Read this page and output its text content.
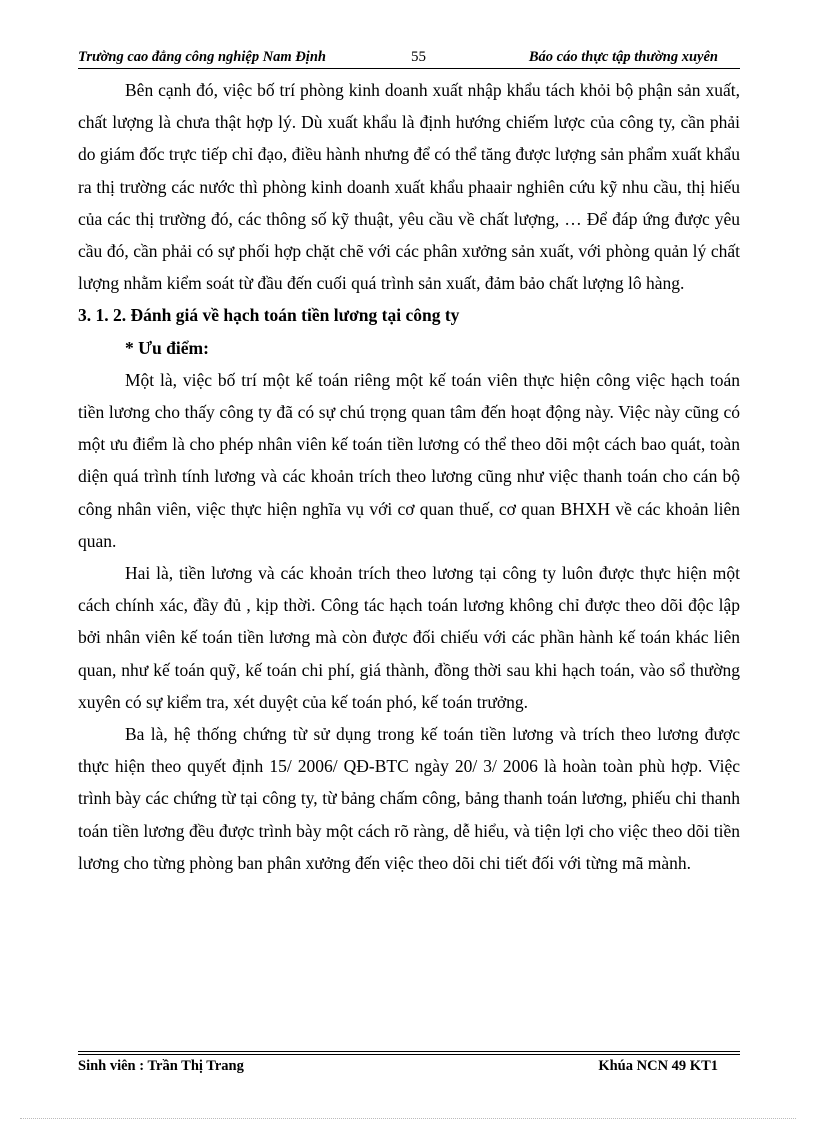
Trường cao đẳng công nghiệp Nam Định	55	Báo cáo thực tập thường xuyên

Bên cạnh đó, việc bố trí phòng kinh doanh xuất nhập khẩu tách khỏi bộ phận sản xuất, chất lượng là chưa thật hợp lý. Dù xuất khẩu là định hướng chiếm lược của công ty, cần phải do giám đốc trực tiếp chỉ đạo, điều hành nhưng để có thể tăng được lượng sản phẩm xuất khẩu ra thị trường các nước thì phòng kinh doanh xuất khẩu phaair nghiên cứu kỹ nhu cầu, thị hiếu của các thị trường đó, các thông số kỹ thuật, yêu cầu về chất lượng, … Để đáp ứng được yêu cầu đó, cần phải có sự phối hợp chặt chẽ với các phân xưởng sản xuất, với phòng quản lý chất lượng nhằm kiểm soát từ đầu đến cuối quá trình sản xuất, đảm bảo chất lượng lô hàng.

3. 1. 2. Đánh giá về hạch toán tiền lương tại công ty
* Ưu điểm:

Một là, việc bố trí một kế toán riêng một kế toán viên thực hiện công việc hạch toán tiền lương cho thấy công ty đã có sự chú trọng quan tâm đến hoạt động này. Việc này cũng có một ưu điểm là cho phép nhân viên kế toán tiền lương có thể theo dõi một cách bao quát, toàn diện quá trình tính lương và các khoản trích theo lương cũng như việc thanh toán cho cán bộ công nhân viên, việc thực hiện nghĩa vụ với cơ quan thuế, cơ quan BHXH về các khoản liên quan.

Hai là, tiền lương và các khoản trích theo lương tại công ty luôn được thực hiện một cách chính xác, đầy đủ , kịp thời. Công tác hạch toán lương không chỉ được theo dõi độc lập bởi nhân viên kế toán tiền lương mà còn được đối chiếu với các phần hành kế toán khác liên quan, như kế toán quỹ, kế toán chi phí, giá thành, đồng thời sau khi hạch toán, vào sổ thường xuyên có sự kiểm tra, xét duyệt của kế toán phó, kế toán trưởng.

Ba là, hệ thống chứng từ sử dụng trong kế toán tiền lương và trích theo lương được thực hiện theo quyết định 15/ 2006/ QĐ-BTC ngày 20/ 3/ 2006 là hoàn toàn phù hợp. Việc trình bày các chứng từ tại công ty, từ bảng chấm công, bảng thanh toán lương, phiếu chi thanh toán tiền lương đều được trình bày một cách rõ ràng, dễ hiểu, và tiện lợi cho việc theo dõi tiền lương cho từng phòng ban phân xưởng đến việc theo dõi chi tiết đối với từng mã mành.

Sinh viên : Trần Thị Trang	Khúa NCN 49 KT1
